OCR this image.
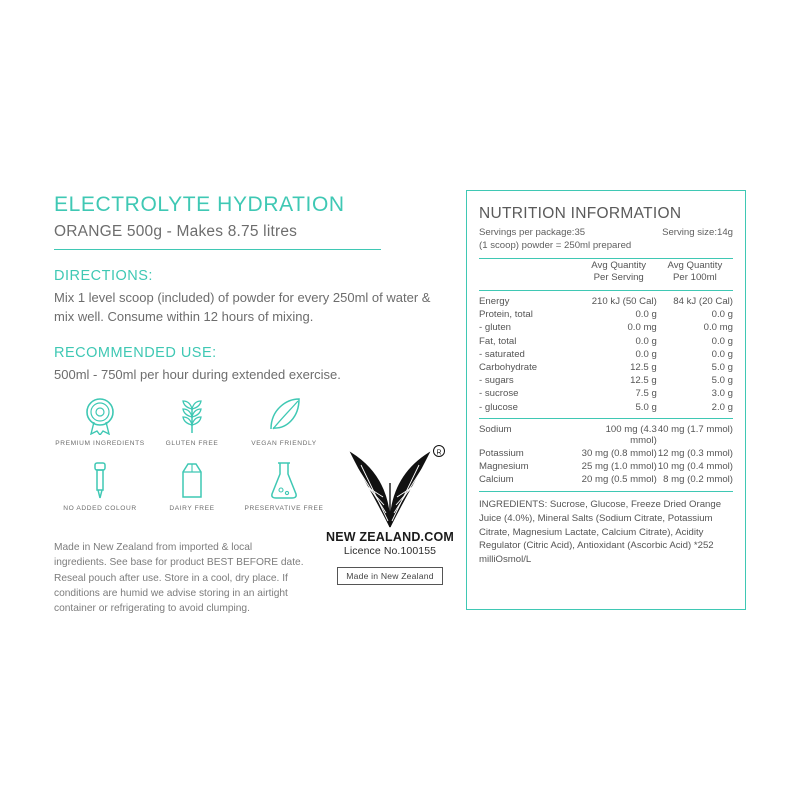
ELECTROLYTE HYDRATION
ORANGE 500g - Makes 8.75 litres
DIRECTIONS:

Mix 1 level scoop (included) of powder for every 250ml of water & mix well. Consume within 12 hours of mixing.

RECOMMENDED USE:

500ml - 750ml per hour during extended exercise.

PREMIUM INGREDIENTS	GLUTEN FREE	VEGAN FRIENDLY
NO ADDED COLOUR	DAIRY FREE	PRESERVATIVE FREE
Made in New Zealand from imported & local ingredients. See base for product BEST BEFORE date. Reseal pouch after use. Store in a cool, dry place. If conditions are humid we advise storing in an airtight container or refrigerating to avoid clumping.
R
NEW ZEALAND.COM
Licence No.100155
Made in New Zealand
NUTRITION INFORMATION
Servings per package:35	Serving size:14g
(1 scoop) powder = 250ml prepared

Avg Quantity
Per Serving

Avg Quantity
Per 100ml

Energy	210 kJ (50 Cal)	84 kJ (20 Cal)
Protein, total	0.0 g	0.0 g
- gluten	0.0 mg	0.0 mg
Fat, total	0.0 g	0.0 g
- saturated	0.0 g	0.0 g
Carbohydrate	12.5 g	5.0 g
- sugars	12.5 g	5.0 g
- sucrose	7.5 g	3.0 g
- glucose	5.0 g	2.0 g

Sodium	100 mg (4.3 mmol)	40 mg (1.7 mmol)
Potassium	30 mg (0.8 mmol)	12 mg (0.3 mmol)
Magnesium	25 mg (1.0 mmol)	10 mg (0.4 mmol)
Calcium	20 mg (0.5 mmol)	8 mg (0.2 mmol)
INGREDIENTS: Sucrose, Glucose, Freeze Dried Orange Juice (4.0%), Mineral Salts (Sodium Citrate, Potassium Citrate, Magnesium Lactate, Calcium Citrate), Acidity Regulator (Citric Acid), Antioxidant (Ascorbic Acid) *252 milliOsmol/L
